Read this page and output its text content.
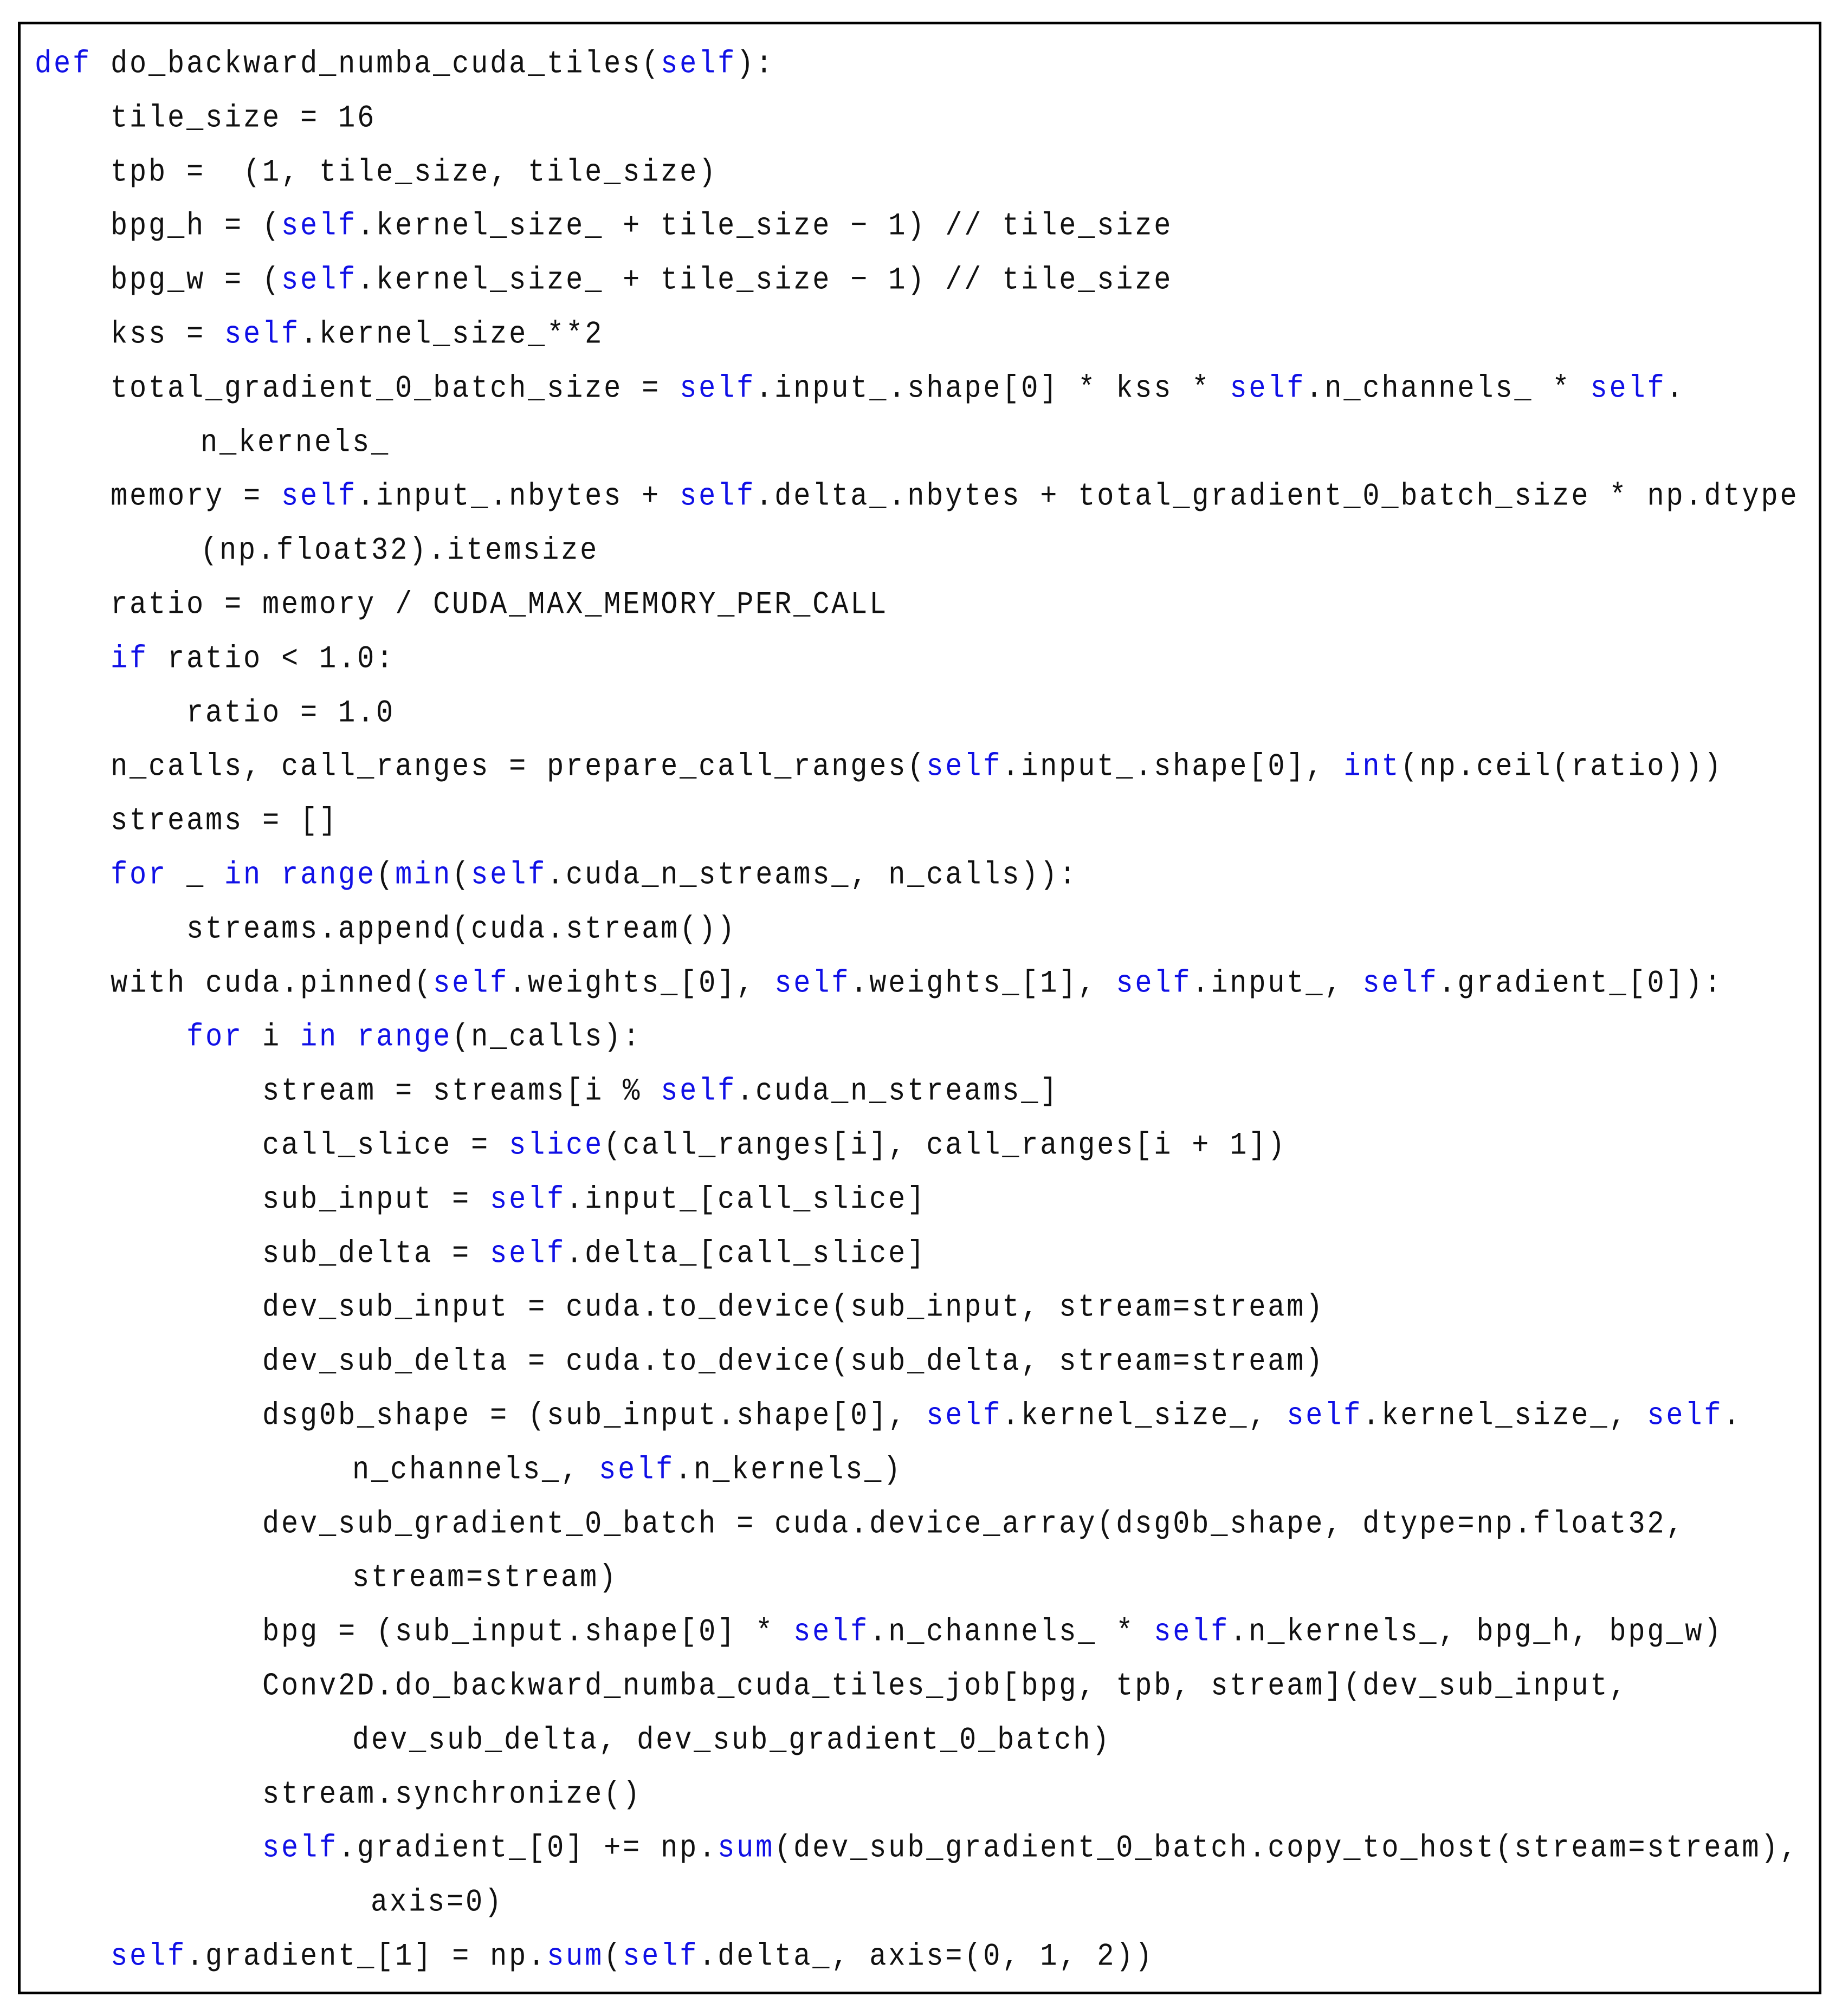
def do_backward_numba_cuda_tiles(self):
tile_size = 16
tpb =  (1, tile_size, tile_size)
bpg_h = (self.kernel_size_ + tile_size − 1) // tile_size
bpg_w = (self.kernel_size_ + tile_size − 1) // tile_size
kss = self.kernel_size_**2
total_gradient_0_batch_size = self.input_.shape[0] * kss * self.n_channels_ * self.
n_kernels_
memory = self.input_.nbytes + self.delta_.nbytes + total_gradient_0_batch_size * np.dtype
(np.float32).itemsize
ratio = memory / CUDA_MAX_MEMORY_PER_CALL
if ratio < 1.0:
ratio = 1.0
n_calls, call_ranges = prepare_call_ranges(self.input_.shape[0], int(np.ceil(ratio)))
streams = []
for _ in range(min(self.cuda_n_streams_, n_calls)):
streams.append(cuda.stream())
with cuda.pinned(self.weights_[0], self.weights_[1], self.input_, self.gradient_[0]):
for i in range(n_calls):
stream = streams[i % self.cuda_n_streams_]
call_slice = slice(call_ranges[i], call_ranges[i + 1])
sub_input = self.input_[call_slice]
sub_delta = self.delta_[call_slice]
dev_sub_input = cuda.to_device(sub_input, stream=stream)
dev_sub_delta = cuda.to_device(sub_delta, stream=stream)
dsg0b_shape = (sub_input.shape[0], self.kernel_size_, self.kernel_size_, self.
n_channels_, self.n_kernels_)
dev_sub_gradient_0_batch = cuda.device_array(dsg0b_shape, dtype=np.float32,
stream=stream)
bpg = (sub_input.shape[0] * self.n_channels_ * self.n_kernels_, bpg_h, bpg_w)
Conv2D.do_backward_numba_cuda_tiles_job[bpg, tpb, stream](dev_sub_input,
dev_sub_delta, dev_sub_gradient_0_batch)
stream.synchronize()
self.gradient_[0] += np.sum(dev_sub_gradient_0_batch.copy_to_host(stream=stream),
axis=0)
self.gradient_[1] = np.sum(self.delta_, axis=(0, 1, 2))
